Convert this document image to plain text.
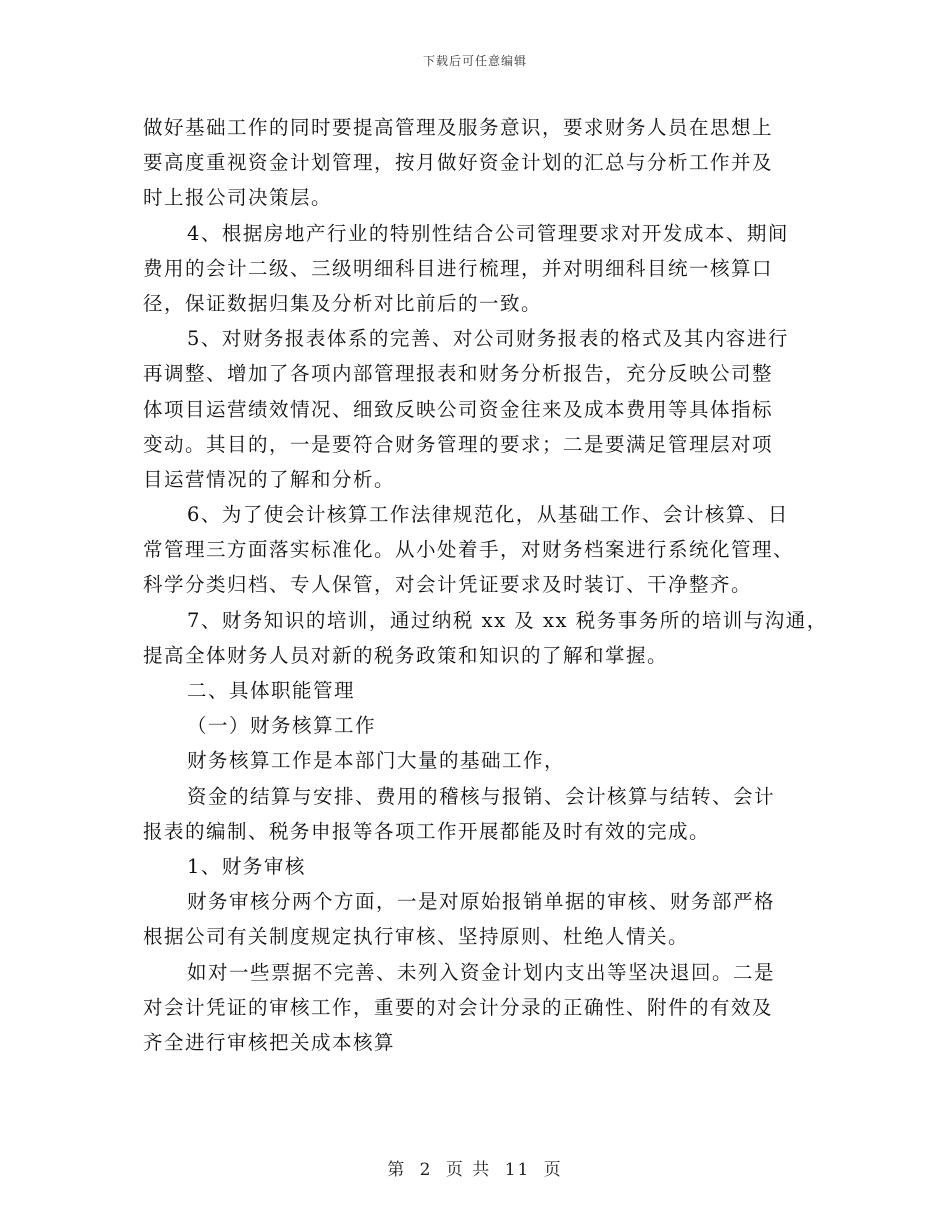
下载后可任意编辑
做好基础工作的同时要提高管理及服务意识，要求财务人员在思想上
要高度重视资金计划管理，按月做好资金计划的汇总与分析工作并及
时上报公司决策层。
4、根据房地产行业的特别性结合公司管理要求对开发成本、期间
费用的会计二级、三级明细科目进行梳理，并对明细科目统一核算口
径，保证数据归集及分析对比前后的一致。
5、对财务报表体系的完善、对公司财务报表的格式及其内容进行
再调整、增加了各项内部管理报表和财务分析报告，充分反映公司整
体项目运营绩效情况、细致反映公司资金往来及成本费用等具体指标
变动。其目的，一是要符合财务管理的要求；二是要满足管理层对项
目运营情况的了解和分析。
6、为了使会计核算工作法律规范化，从基础工作、会计核算、日
常管理三方面落实标准化。从小处着手，对财务档案进行系统化管理、
科学分类归档、专人保管，对会计凭证要求及时装订、干净整齐。
7、财务知识的培训，通过纳税 xx 及 xx 税务事务所的培训与沟通，
提高全体财务人员对新的税务政策和知识的了解和掌握。
二、具体职能管理
（一）财务核算工作
财务核算工作是本部门大量的基础工作，
资金的结算与安排、费用的稽核与报销、会计核算与结转、会计
报表的编制、税务申报等各项工作开展都能及时有效的完成。
1、财务审核
财务审核分两个方面，一是对原始报销单据的审核、财务部严格
根据公司有关制度规定执行审核、坚持原则、杜绝人情关。
如对一些票据不完善、未列入资金计划内支出等坚决退回。二是
对会计凭证的审核工作，重要的对会计分录的正确性、附件的有效及
齐全进行审核把关成本核算
第 2 页 共 11 页
